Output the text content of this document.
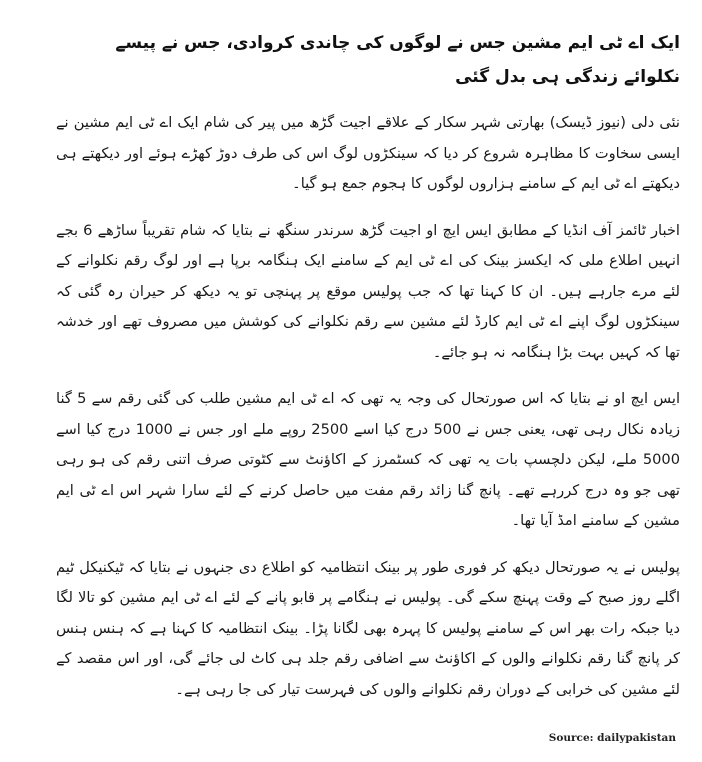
ایک اے ٹی ایم مشین جس نے لوگوں کی چاندی کروادی، جس نے پیسے نکلوائے زندگی ہی بدل گئی

نئی دلی (نیوز ڈیسک) بھارتی شہر سکار کے علاقے اجیت گڑھ میں پیر کی شام ایک اے ٹی ایم مشین نے ایسی سخاوت کا مظاہرہ شروع کر دیا کہ سینکڑوں لوگ اس کی طرف دوڑ کھڑے ہوئے اور دیکھتے ہی دیکھتے اے ٹی ایم کے سامنے ہزاروں لوگوں کا ہجوم جمع ہو گیا۔

اخبار ٹائمز آف انڈیا کے مطابق ایس ایچ او اجیت گڑھ سرندر سنگھ نے بتایا کہ شام تقریباً ساڑھے 6 بجے انہیں اطلاع ملی کہ ایکسز بینک کی اے ٹی ایم کے سامنے ایک ہنگامہ برپا ہے اور لوگ رقم نکلوانے کے لئے مرے جارہے ہیں۔ ان کا کہنا تھا کہ جب پولیس موقع پر پہنچی تو یہ دیکھ کر حیران رہ گئی کہ سینکڑوں لوگ اپنے اے ٹی ایم کارڈ لئے مشین سے رقم نکلوانے کی کوشش میں مصروف تھے اور خدشہ تھا کہ کہیں بہت بڑا ہنگامہ نہ ہو جائے۔

ایس ایچ او نے بتایا کہ اس صورتحال کی وجہ یہ تھی کہ اے ٹی ایم مشین طلب کی گئی رقم سے 5 گنا زیادہ نکال رہی تھی، یعنی جس نے 500 درج کیا اسے 2500 روپے ملے اور جس نے 1000 درج کیا اسے 5000 ملے، لیکن دلچسپ بات یہ تھی کہ کسٹمرز کے اکاؤنٹ سے کٹوتی صرف اتنی رقم کی ہو رہی تھی جو وہ درج کررہے تھے۔ پانچ گنا زائد رقم مفت میں حاصل کرنے کے لئے سارا شہر اس اے ٹی ایم مشین کے سامنے امڈ آیا تھا۔

پولیس نے یہ صورتحال دیکھ کر فوری طور پر بینک انتظامیہ کو اطلاع دی جنہوں نے بتایا کہ ٹیکنیکل ٹیم اگلے روز صبح کے وقت پہنچ سکے گی۔ پولیس نے ہنگامے پر قابو پانے کے لئے اے ٹی ایم مشین کو تالا لگا دیا جبکہ رات بھر اس کے سامنے پولیس کا پہرہ بھی لگانا پڑا۔ بینک انتظامیہ کا کہنا ہے کہ ہنس ہنس کر پانچ گنا رقم نکلوانے والوں کے اکاؤنٹ سے اضافی رقم جلد ہی کاٹ لی جائے گی، اور اس مقصد کے لئے مشین کی خرابی کے دوران رقم نکلوانے والوں کی فہرست تیار کی جا رہی ہے۔

Source: dailypakistan
